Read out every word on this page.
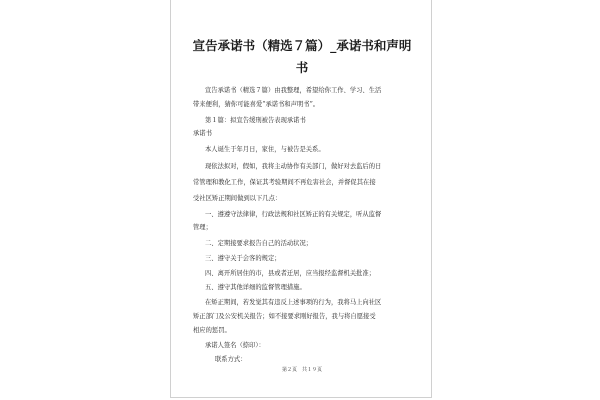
宣告承诺书（精选７篇）_承诺书和声明
书
宣告承诺书（精选７篇）由我整理，希望给你工作、学习、生活
带来便利，猜你可能喜爱“承诺书和声明书”。
第１篇：拟宣告缓刑被告表现承诺书
承诺书
本人诞生于年月日，家住，与被告是关系。
现依法拟对，假如，我将主动协作有关部门，做好对去监后的日
常管理和教化工作，保证其考验期间不再危害社会，并督促其在接
受社区矫正期间做到以下几点：
一、遵遵守法律律，行政法规和社区矫正的有关规定，听从监督
管理；
二、定期接要求报告自己的活动状况；
三、遵守关于会客的规定；
四、离开所居住的市，县或者迁居，应当报经监督机关批准；
五、遵守其他详细的监督管理措施。
在矫正期间，若发觉其有违反上述事项的行为，我将马上向社区
矫正部门及公安机关报告；如不接要求刚好报告，我与将自愿接受
相应的惩罚。
承诺人签名（捺印）：
联系方式：
第２页　共１９页
